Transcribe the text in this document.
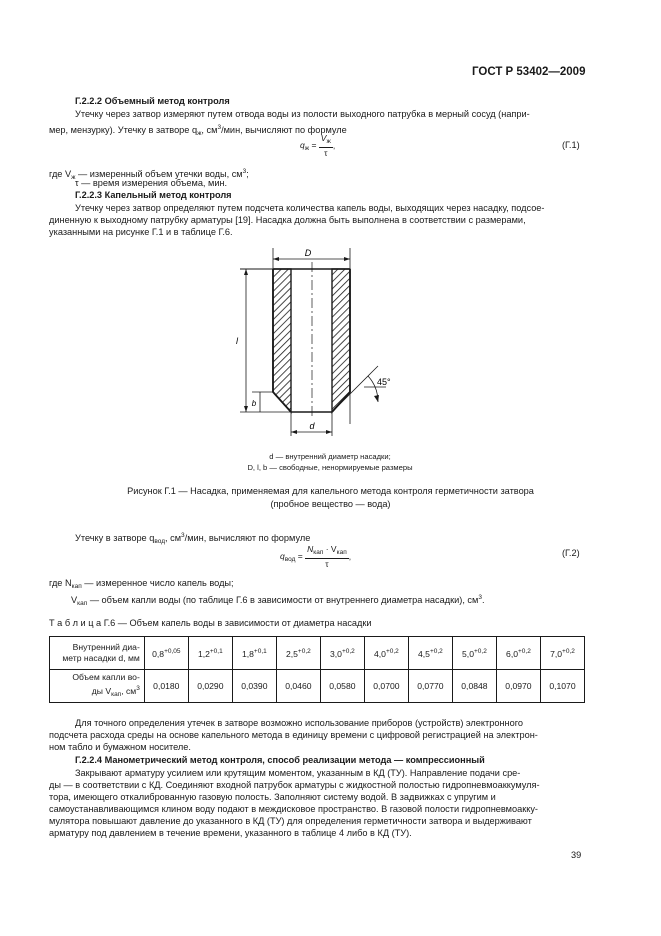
ГОСТ Р 53402—2009
Г.2.2.2 Объемный метод контроля
Утечку через затвор измеряют путем отвода воды из полости выходного патрубка в мерный сосуд (напри-
мер, мензурку). Утечку в затворе $q_ж$, $см^3$/мин, вычисляют по формуле
$q_ж = \frac{V_ж}{\tau}$ ,	(Г.1)
где $V_ж$ — измеренный объем утечки воды, $см^3$;
τ — время измерения объема, мин.
Г.2.2.3 Капельный метод контроля
Утечку через затвор определяют путем подсчета количества капель воды, выходящих через насадку, подсое-
диненную к выходному патрубку арматуры [19]. Насадка должна быть выполнена в соответствии с размерами,
указанными на рисунке Г.1 и в таблице Г.6.
D
l
b
d
45°
d — внутренний диаметр насадки;
D, l, b — свободные, ненормируемые размеры
Рисунок Г.1 — Насадка, применяемая для капельного метода контроля герметичности затвора
(пробное вещество — вода)
Утечку в затворе $q_{вод}$, $см^3$/мин, вычисляют по формуле
$q_{вод} = \frac{N_{кап} \cdot V_{кап}}{\tau}$ ,	(Г.2)
где $N_{кап}$ — измеренное число капель воды;
$V_{кап}$ — объем капли воды (по таблице Г.6 в зависимости от внутреннего диаметра насадки), $см^3$.
Т а б л и ц а Г.6 — Объем капель воды в зависимости от диаметра насадки
Внутренний диа-
метр насадки d, мм	$0,8^{+0,05}$	$1,2^{+0,1}$	$1,8^{+0,1}$	$2,5^{+0,2}$	$3,0^{+0,2}$	$4,0^{+0,2}$	$4,5^{+0,2}$	$5,0^{+0,2}$	$6,0^{+0,2}$	$7,0^{+0,2}$
Объем капли во-
ды $V_{кап}$, $см^3$	0,0180	0,0290	0,0390	0,0460	0,0580	0,0700	0,0770	0,0848	0,0970	0,1070
Для точного определения утечек в затворе возможно использование приборов (устройств) электронного
подсчета расхода среды на основе капельного метода в единицу времени с цифровой регистрацией на электрон-
ном табло и бумажном носителе.
Г.2.2.4 Манометрический метод контроля, способ реализации метода — компрессионный
Закрывают арматуру усилием или крутящим моментом, указанным в КД (ТУ). Направление подачи сре-
ды — в соответствии с КД. Соединяют входной патрубок арматуры с жидкостной полостью гидропневмоаккумуля-
тора, имеющего откалиброванную газовую полость. Заполняют систему водой. В задвижках с упругим и
самоустанавливающимся клином воду подают в междисковое пространство. В газовой полости гидропневмоакку-
мулятора повышают давление до указанного в КД (ТУ) для определения герметичности затвора и выдерживают
арматуру под давлением в течение времени, указанного в таблице 4 либо в КД (ТУ).
39
